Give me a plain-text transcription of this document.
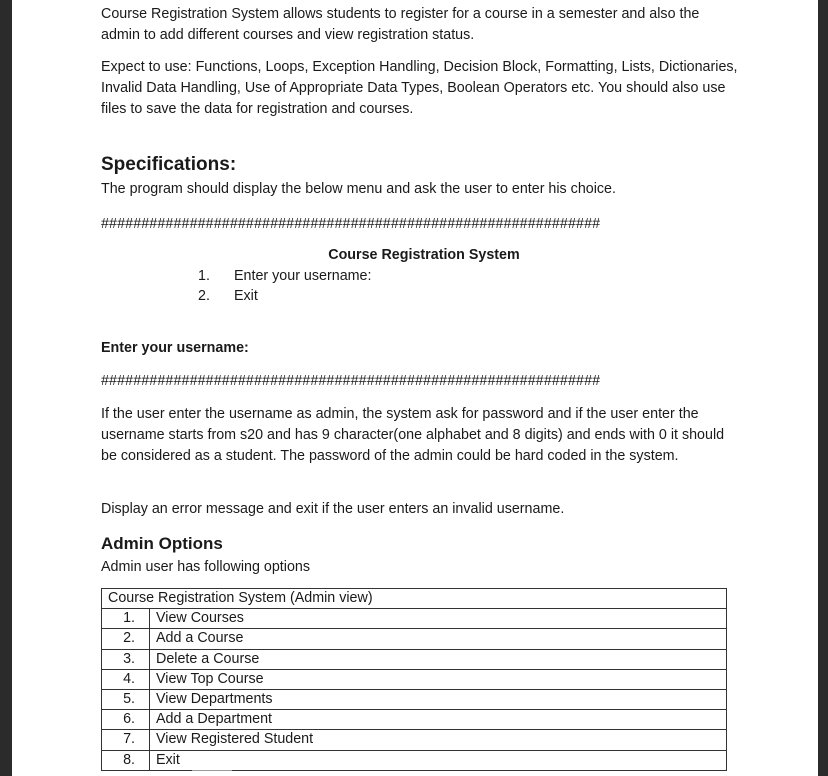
Course Registration System allows students to register for a course in a semester and also the admin to add different courses and view registration status.

Expect to use: Functions, Loops, Exception Handling, Decision Block, Formatting, Lists, Dictionaries, Invalid Data Handling, Use of Appropriate Data Types, Boolean Operators etc. You should also use files to save the data for registration and courses.

Specifications:

The program should display the below menu and ask the user to enter his choice.

##############################################################
Course Registration System
1.	Enter your username:
2.	Exit
Enter your username:
##############################################################

If the user enter the username as admin, the system ask for password and if the user enter the username starts from s20 and has 9 character(one alphabet and 8 digits) and ends with 0 it should be considered as a student. The password of the admin could be hard coded in the system.

Display an error message and exit if the user enters an invalid username.

Admin Options

Admin user has following options

Course Registration System (Admin view)	
1.	View Courses
2.	Add a Course
3.	Delete a Course
4.	View Top Course
5.	View Departments
6.	Add a Department
7.	View Registered Student
8.	Exit
